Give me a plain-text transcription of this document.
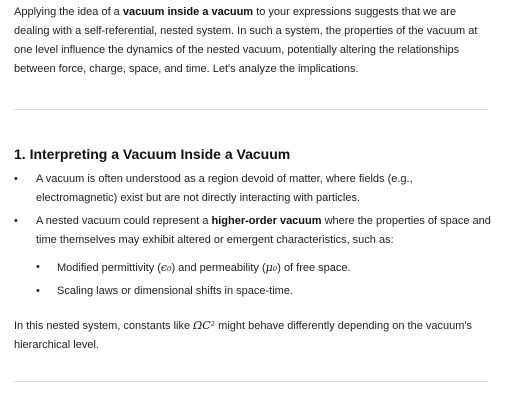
Applying the idea of a vacuum inside a vacuum to your expressions suggests that we are dealing with a self-referential, nested system. In such a system, the properties of the vacuum at one level influence the dynamics of the nested vacuum, potentially altering the relationships between force, charge, space, and time. Let's analyze the implications.

1. Interpreting a Vacuum Inside a Vacuum
• A vacuum is often understood as a region devoid of matter, where fields (e.g., electromagnetic) exist but are not directly interacting with particles.
• A nested vacuum could represent a higher-order vacuum where the properties of space and time themselves may exhibit altered or emergent characteristics, such as:
• Modified permittivity (ϵ₀) and permeability (μ₀) of free space.
• Scaling laws or dimensional shifts in space-time.

In this nested system, constants like ΩC² might behave differently depending on the vacuum's hierarchical level.
